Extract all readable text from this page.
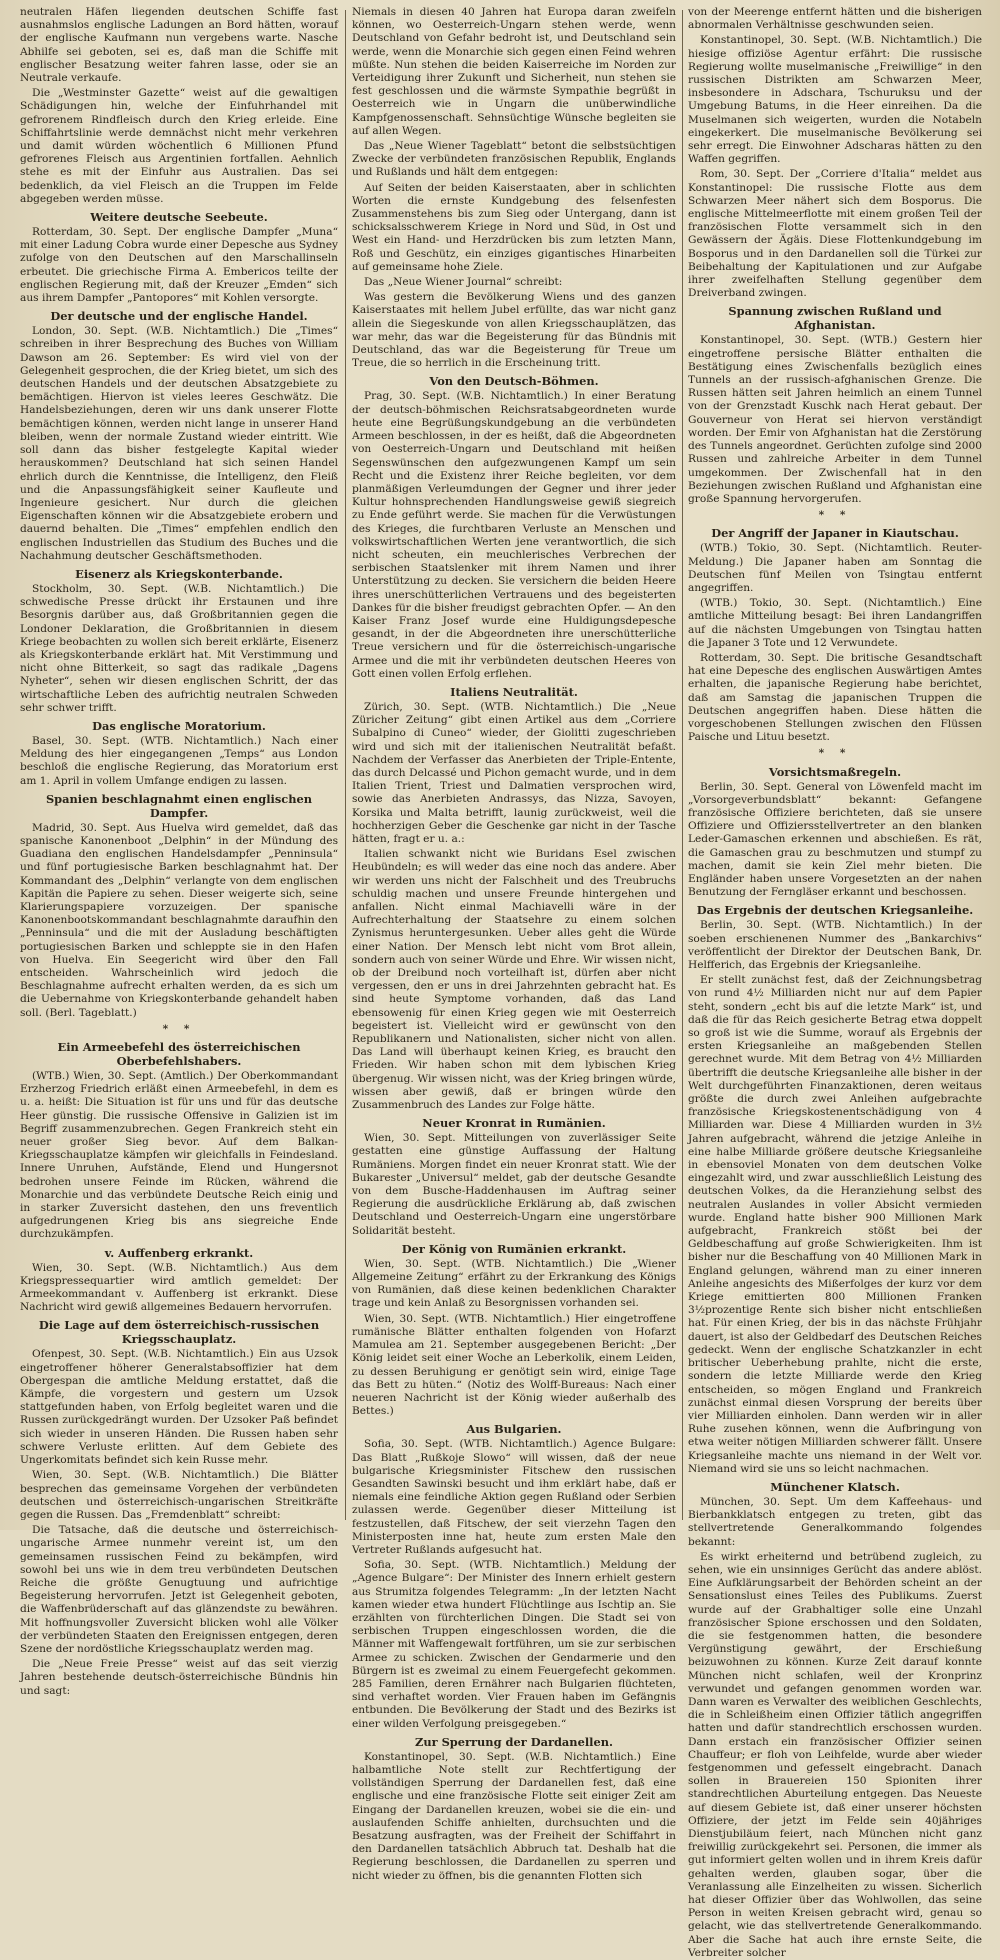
neutralen Häfen liegenden deutschen Schiffe fast ausnahmslos englische Ladungen an Bord hätten, worauf der englische Kaufmann nun vergebens warte. Nasche Abhilfe sei geboten, sei es, daß man die Schiffe mit englischer Besatzung weiter fahren lasse, oder sie an Neutrale verkaufe.

Die „Westminster Gazette“ weist auf die gewaltigen Schädigungen hin, welche der Einfuhrhandel mit gefrorenem Rindfleisch durch den Krieg erleide. Eine Schiffahrtslinie werde demnächst nicht mehr verkehren und damit würden wöchentlich 6 Millionen Pfund gefrorenes Fleisch aus Argentinien fortfallen. Aehnlich stehe es mit der Einfuhr aus Australien. Das sei bedenklich, da viel Fleisch an die Truppen im Felde abgegeben werden müsse.

Weitere deutsche Seebeute.

Rotterdam, 30. Sept. Der englische Dampfer „Muna“ mit einer Ladung Cobra wurde einer Depesche aus Sydney zufolge von den Deutschen auf den Marschallinseln erbeutet. Die griechische Firma A. Embericos teilte der englischen Regierung mit, daß der Kreuzer „Emden“ sich aus ihrem Dampfer „Pantopores“ mit Kohlen versorgte.

Der deutsche und der englische Handel.

London, 30. Sept. (W.B. Nichtamtlich.) Die „Times“ schreiben in ihrer Besprechung des Buches von William Dawson am 26. September: Es wird viel von der Gelegenheit gesprochen, die der Krieg bietet, um sich des deutschen Handels und der deutschen Absatzgebiete zu bemächtigen. Hiervon ist vieles leeres Geschwätz. Die Handelsbeziehungen, deren wir uns dank unserer Flotte bemächtigen können, werden nicht lange in unserer Hand bleiben, wenn der normale Zustand wieder eintritt. Wie soll dann das bisher festgelegte Kapital wieder herauskommen? Deutschland hat sich seinen Handel ehrlich durch die Kenntnisse, die Intelligenz, den Fleiß und die Anpassungsfähigkeit seiner Kaufleute und Ingenieure gesichert. Nur durch die gleichen Eigenschaften können wir die Absatzgebiete erobern und dauernd behalten. Die „Times“ empfehlen endlich den englischen Industriellen das Studium des Buches und die Nachahmung deutscher Geschäftsmethoden.

Eisenerz als Kriegskonterbande.

Stockholm, 30. Sept. (W.B. Nichtamtlich.) Die schwedische Presse drückt ihr Erstaunen und ihre Besorgnis darüber aus, daß Großbritannien gegen die Londoner Deklaration, die Großbritannien in diesem Kriege beobachten zu wollen sich bereit erklärte, Eisenerz als Kriegskonterbande erklärt hat. Mit Verstimmung und nicht ohne Bitterkeit, so sagt das radikale „Dagens Nyheter“, sehen wir diesen englischen Schritt, der das wirtschaftliche Leben des aufrichtig neutralen Schweden sehr schwer trifft.

Das englische Moratorium.

Basel, 30. Sept. (WTB. Nichtamtlich.) Nach einer Meldung des hier eingegangenen „Temps“ aus London beschloß die englische Regierung, das Moratorium erst am 1. April in vollem Umfange endigen zu lassen.

Spanien beschlagnahmt einen englischen Dampfer.

Madrid, 30. Sept. Aus Huelva wird gemeldet, daß das spanische Kanonenboot „Delphin“ in der Mündung des Guadiana den englischen Handelsdampfer „Penninsula“ und fünf portugiesische Barken beschlagnahmt hat. Der Kommandant des „Delphin“ verlangte von dem englischen Kapitän die Papiere zu sehen. Dieser weigerte sich, seine Klarierungspapiere vorzuzeigen. Der spanische Kanonenbootskommandant beschlagnahmte daraufhin den „Penninsula“ und die mit der Ausladung beschäftigten portugiesischen Barken und schleppte sie in den Hafen von Huelva. Ein Seegericht wird über den Fall entscheiden. Wahrscheinlich wird jedoch die Beschlagnahme aufrecht erhalten werden, da es sich um die Uebernahme von Kriegskonterbande gehandelt haben soll. (Berl. Tageblatt.)

* *
Ein Armeebefehl des österreichischen Oberbefehlshabers.

(WTB.) Wien, 30. Sept. (Amtlich.) Der Oberkommandant Erzherzog Friedrich erläßt einen Armeebefehl, in dem es u. a. heißt: Die Situation ist für uns und für das deutsche Heer günstig. Die russische Offensive in Galizien ist im Begriff zusammenzubrechen. Gegen Frankreich steht ein neuer großer Sieg bevor. Auf dem Balkan-Kriegsschauplatze kämpfen wir gleichfalls in Feindesland. Innere Unruhen, Aufstände, Elend und Hungersnot bedrohen unsere Feinde im Rücken, während die Monarchie und das verbündete Deutsche Reich einig und in starker Zuversicht dastehen, den uns freventlich aufgedrungenen Krieg bis ans siegreiche Ende durchzukämpfen.

v. Auffenberg erkrankt.

Wien, 30. Sept. (W.B. Nichtamtlich.) Aus dem Kriegspressequartier wird amtlich gemeldet: Der Armeekommandant v. Auffenberg ist erkrankt. Diese Nachricht wird gewiß allgemeines Bedauern hervorrufen.

Die Lage auf dem österreichisch-russischen Kriegsschauplatz.

Ofenpest, 30. Sept. (W.B. Nichtamtlich.) Ein aus Uzsok eingetroffener höherer Generalstabsoffizier hat dem Obergespan die amtliche Meldung erstattet, daß die Kämpfe, die vorgestern und gestern um Uzsok stattgefunden haben, von Erfolg begleitet waren und die Russen zurückgedrängt wurden. Der Uzsoker Paß befindet sich wieder in unseren Händen. Die Russen haben sehr schwere Verluste erlitten. Auf dem Gebiete des Ungerkomitats befindet sich kein Russe mehr.

Wien, 30. Sept. (W.B. Nichtamtlich.) Die Blätter besprechen das gemeinsame Vorgehen der verbündeten deutschen und österreichisch-ungarischen Streitkräfte gegen die Russen. Das „Fremdenblatt“ schreibt:

Die Tatsache, daß die deutsche und österreichisch-ungarische Armee nunmehr vereint ist, um den gemeinsamen russischen Feind zu bekämpfen, wird sowohl bei uns wie in dem treu verbündeten Deutschen Reiche die größte Genugtuung und aufrichtige Begeisterung hervorrufen. Jetzt ist Gelegenheit geboten, die Waffenbrüderschaft auf das glänzendste zu bewähren. Mit hoffnungsvoller Zuversicht blicken wohl alle Völker der verbündeten Staaten den Ereignissen entgegen, deren Szene der nordöstliche Kriegsschauplatz werden mag.

Die „Neue Freie Presse“ weist auf das seit vierzig Jahren bestehende deutsch-österreichische Bündnis hin und sagt:

Niemals in diesen 40 Jahren hat Europa daran zweifeln können, wo Oesterreich-Ungarn stehen werde, wenn Deutschland von Gefahr bedroht ist, und Deutschland sein werde, wenn die Monarchie sich gegen einen Feind wehren müßte. Nun stehen die beiden Kaiserreiche im Norden zur Verteidigung ihrer Zukunft und Sicherheit, nun stehen sie fest geschlossen und die wärmste Sympathie begrüßt in Oesterreich wie in Ungarn die unüberwindliche Kampfgenossenschaft. Sehnsüchtige Wünsche begleiten sie auf allen Wegen.

Das „Neue Wiener Tageblatt“ betont die selbstsüchtigen Zwecke der verbündeten französischen Republik, Englands und Rußlands und hält dem entgegen:

Auf Seiten der beiden Kaiserstaaten, aber in schlichten Worten die ernste Kundgebung des felsenfesten Zusammenstehens bis zum Sieg oder Untergang, dann ist schicksalsschwerem Kriege in Nord und Süd, in Ost und West ein Hand- und Herzdrücken bis zum letzten Mann, Roß und Geschütz, ein einziges gigantisches Hinarbeiten auf gemeinsame hohe Ziele.

Das „Neue Wiener Journal“ schreibt:

Was gestern die Bevölkerung Wiens und des ganzen Kaiserstaates mit hellem Jubel erfüllte, das war nicht ganz allein die Siegeskunde von allen Kriegsschauplätzen, das war mehr, das war die Begeisterung für das Bündnis mit Deutschland, das war die Begeisterung für Treue um Treue, die so herrlich in die Erscheinung tritt.

Von den Deutsch-Böhmen.

Prag, 30. Sept. (W.B. Nichtamtlich.) In einer Beratung der deutsch-böhmischen Reichsratsabgeordneten wurde heute eine Begrüßungskundgebung an die verbündeten Armeen beschlossen, in der es heißt, daß die Abgeordneten von Oesterreich-Ungarn und Deutschland mit heißen Segenswünschen den aufgezwungenen Kampf um sein Recht und die Existenz ihrer Reiche begleiten, vor dem planmäßigen Verleumdungen der Gegner und ihrer jeder Kultur hohnsprechenden Handlungsweise gewiß siegreich zu Ende geführt werde. Sie machen für die Verwüstungen des Krieges, die furchtbaren Verluste an Menschen und volkswirtschaftlichen Werten jene verantwortlich, die sich nicht scheuten, ein meuchlerisches Verbrechen der serbischen Staatslenker mit ihrem Namen und ihrer Unterstützung zu decken. Sie versichern die beiden Heere ihres unerschütterlichen Vertrauens und des begeisterten Dankes für die bisher freudigst gebrachten Opfer. — An den Kaiser Franz Josef wurde eine Huldigungsdepesche gesandt, in der die Abgeordneten ihre unerschütterliche Treue versichern und für die österreichisch-ungarische Armee und die mit ihr verbündeten deutschen Heeres von Gott einen vollen Erfolg erflehen.

Italiens Neutralität.

Zürich, 30. Sept. (WTB. Nichtamtlich.) Die „Neue Züricher Zeitung“ gibt einen Artikel aus dem „Corriere Subalpino di Cuneo“ wieder, der Giolitti zugeschrieben wird und sich mit der italienischen Neutralität befaßt. Nachdem der Verfasser das Anerbieten der Triple-Entente, das durch Delcassé und Pichon gemacht wurde, und in dem Italien Trient, Triest und Dalmatien versprochen wird, sowie das Anerbieten Andrassys, das Nizza, Savoyen, Korsika und Malta betrifft, launig zurückweist, weil die hochherzigen Geber die Geschenke gar nicht in der Tasche hätten, fragt er u. a.:

Italien schwankt nicht wie Buridans Esel zwischen Heubündeln; es will weder das eine noch das andere. Aber wir werden uns nicht der Falschheit und des Treubruchs schuldig machen und unsere Freunde hintergehen und anfallen. Nicht einmal Machiavelli wäre in der Aufrechterhaltung der Staatsehre zu einem solchen Zynismus heruntergesunken. Ueber alles geht die Würde einer Nation. Der Mensch lebt nicht vom Brot allein, sondern auch von seiner Würde und Ehre. Wir wissen nicht, ob der Dreibund noch vorteilhaft ist, dürfen aber nicht vergessen, den er uns in drei Jahrzehnten gebracht hat. Es sind heute Symptome vorhanden, daß das Land ebensowenig für einen Krieg gegen wie mit Oesterreich begeistert ist. Vielleicht wird er gewünscht von den Republikanern und Nationalisten, sicher nicht von allen. Das Land will überhaupt keinen Krieg, es braucht den Frieden. Wir haben schon mit dem lybischen Krieg übergenug. Wir wissen nicht, was der Krieg bringen würde, wissen aber gewiß, daß er bringen würde den Zusammenbruch des Landes zur Folge hätte.

Neuer Kronrat in Rumänien.

Wien, 30. Sept. Mitteilungen von zuverlässiger Seite gestatten eine günstige Auffassung der Haltung Rumäniens. Morgen findet ein neuer Kronrat statt. Wie der Bukarester „Universul“ meldet, gab der deutsche Gesandte von dem Busche-Haddenhausen im Auftrag seiner Regierung die ausdrückliche Erklärung ab, daß zwischen Deutschland und Oesterreich-Ungarn eine ungerstörbare Solidarität besteht.

Der König von Rumänien erkrankt.

Wien, 30. Sept. (WTB. Nichtamtlich.) Die „Wiener Allgemeine Zeitung“ erfährt zu der Erkrankung des Königs von Rumänien, daß diese keinen bedenklichen Charakter trage und kein Anlaß zu Besorgnissen vorhanden sei.

Wien, 30. Sept. (WTB. Nichtamtlich.) Hier eingetroffene rumänische Blätter enthalten folgenden von Hofarzt Mamulea am 21. September ausgegebenen Bericht: „Der König leidet seit einer Woche an Leberkolik, einem Leiden, zu dessen Beruhigung er genötigt sein wird, einige Tage das Bett zu hüten.“ (Notiz des Wolff-Bureaus: Nach einer neueren Nachricht ist der König wieder außerhalb des Bettes.)

Aus Bulgarien.

Sofia, 30. Sept. (WTB. Nichtamtlich.) Agence Bulgare: Das Blatt „Rußkoje Slowo“ will wissen, daß der neue bulgarische Kriegsminister Fitschew den russischen Gesandten Sawinski besucht und ihm erklärt habe, daß er niemals eine feindliche Aktion gegen Rußland oder Serbien zulassen werde. Gegenüber dieser Mitteilung ist festzustellen, daß Fitschew, der seit vierzehn Tagen den Ministerposten inne hat, heute zum ersten Male den Vertreter Rußlands aufgesucht hat.

Sofia, 30. Sept. (WTB. Nichtamtlich.) Meldung der „Agence Bulgare“: Der Minister des Innern erhielt gestern aus Strumitza folgendes Telegramm: „In der letzten Nacht kamen wieder etwa hundert Flüchtlinge aus Ischtip an. Sie erzählten von fürchterlichen Dingen. Die Stadt sei von serbischen Truppen eingeschlossen worden, die die Männer mit Waffengewalt fortführen, um sie zur serbischen Armee zu schicken. Zwischen der Gendarmerie und den Bürgern ist es zweimal zu einem Feuergefecht gekommen. 285 Familien, deren Ernährer nach Bulgarien flüchteten, sind verhaftet worden. Vier Frauen haben im Gefängnis entbunden. Die Bevölkerung der Stadt und des Bezirks ist einer wilden Verfolgung preisgegeben.“

Zur Sperrung der Dardanellen.

Konstantinopel, 30. Sept. (W.B. Nichtamtlich.) Eine halbamtliche Note stellt zur Rechtfertigung der vollständigen Sperrung der Dardanellen fest, daß eine englische und eine französische Flotte seit einiger Zeit am Eingang der Dardanellen kreuzen, wobei sie die ein- und auslaufenden Schiffe anhielten, durchsuchten und die Besatzung ausfragten, was der Freiheit der Schiffahrt in den Dardanellen tatsächlich Abbruch tat. Deshalb hat die Regierung beschlossen, die Dardanellen zu sperren und nicht wieder zu öffnen, bis die genannten Flotten sich

von der Meerenge entfernt hätten und die bisherigen abnormalen Verhältnisse geschwunden seien.

Konstantinopel, 30. Sept. (W.B. Nichtamtlich.) Die hiesige offiziöse Agentur erfährt: Die russische Regierung wollte muselmanische „Freiwillige“ in den russischen Distrikten am Schwarzen Meer, insbesondere in Adschara, Tschuruksu und der Umgebung Batums, in die Heer einreihen. Da die Muselmanen sich weigerten, wurden die Notabeln eingekerkert. Die muselmanische Bevölkerung sei sehr erregt. Die Einwohner Adscharas hätten zu den Waffen gegriffen.

Rom, 30. Sept. Der „Corriere d'Italia“ meldet aus Konstantinopel: Die russische Flotte aus dem Schwarzen Meer nähert sich dem Bosporus. Die englische Mittelmeerflotte mit einem großen Teil der französischen Flotte versammelt sich in den Gewässern der Ägäis. Diese Flottenkundgebung im Bosporus und in den Dardanellen soll die Türkei zur Beibehaltung der Kapitulationen und zur Aufgabe ihrer zweifelhaften Stellung gegenüber dem Dreiverband zwingen.

Spannung zwischen Rußland und Afghanistan.

Konstantinopel, 30. Sept. (WTB.) Gestern hier eingetroffene persische Blätter enthalten die Bestätigung eines Zwischenfalls bezüglich eines Tunnels an der russisch-afghanischen Grenze. Die Russen hätten seit Jahren heimlich an einem Tunnel von der Grenzstadt Kuschk nach Herat gebaut. Der Gouverneur von Herat sei hiervon verständigt worden. Der Emir von Afghanistan hat die Zerstörung des Tunnels angeordnet. Gerüchten zufolge sind 2000 Russen und zahlreiche Arbeiter in dem Tunnel umgekommen. Der Zwischenfall hat in den Beziehungen zwischen Rußland und Afghanistan eine große Spannung hervorgerufen.

* *
Der Angriff der Japaner in Kiautschau.

(WTB.) Tokio, 30. Sept. (Nichtamtlich. Reuter-Meldung.) Die Japaner haben am Sonntag die Deutschen fünf Meilen von Tsingtau entfernt angegriffen.

(WTB.) Tokio, 30. Sept. (Nichtamtlich.) Eine amtliche Mitteilung besagt: Bei ihren Landangriffen auf die nächsten Umgebungen von Tsingtau hatten die Japaner 3 Tote und 12 Verwundete.

Rotterdam, 30. Sept. Die britische Gesandtschaft hat eine Depesche des englischen Auswärtigen Amtes erhalten, die japanische Regierung habe berichtet, daß am Samstag die japanischen Truppen die Deutschen angegriffen haben. Diese hätten die vorgeschobenen Stellungen zwischen den Flüssen Paische und Lituu besetzt.

* *
Vorsichtsmaßregeln.

Berlin, 30. Sept. General von Löwenfeld macht im „Vorsorgeverbundsblatt“ bekannt: Gefangene französische Offiziere berichteten, daß sie unsere Offiziere und Offiziersstellvertreter an den blanken Leder-Gamaschen erkennen und abschießen. Es rät, die Gamaschen grau zu beschmutzen und stumpf zu machen, damit sie kein Ziel mehr bieten. Die Engländer haben unsere Vorgesetzten an der nahen Benutzung der Ferngläser erkannt und beschossen.

Das Ergebnis der deutschen Kriegsanleihe.

Berlin, 30. Sept. (WTB. Nichtamtlich.) In der soeben erschienenen Nummer des „Bankarchivs“ veröffentlicht der Direktor der Deutschen Bank, Dr. Helfferich, das Ergebnis der Kriegsanleihe.

Er stellt zunächst fest, daß der Zeichnungsbetrag von rund 4½ Milliarden nicht nur auf dem Papier steht, sondern „echt bis auf die letzte Mark“ ist, und daß die für das Reich gesicherte Betrag etwa doppelt so groß ist wie die Summe, worauf als Ergebnis der ersten Kriegsanleihe an maßgebenden Stellen gerechnet wurde. Mit dem Betrag von 4½ Milliarden übertrifft die deutsche Kriegsanleihe alle bisher in der Welt durchgeführten Finanzaktionen, deren weitaus größte die durch zwei Anleihen aufgebrachte französische Kriegskostenentschädigung von 4 Milliarden war. Diese 4 Milliarden wurden in 3½ Jahren aufgebracht, während die jetzige Anleihe in eine halbe Milliarde größere deutsche Kriegsanleihe in ebensoviel Monaten von dem deutschen Volke eingezahlt wird, und zwar ausschließlich Leistung des deutschen Volkes, da die Heranziehung selbst des neutralen Auslandes in voller Absicht vermieden wurde. England hatte bisher 900 Millionen Mark aufgebracht, Frankreich stößt bei der Geldbeschaffung auf große Schwierigkeiten. Ihm ist bisher nur die Beschaffung von 40 Millionen Mark in England gelungen, während man zu einer inneren Anleihe angesichts des Mißerfolges der kurz vor dem Kriege emittierten 800 Millionen Franken 3½prozentige Rente sich bisher nicht entschließen hat. Für einen Krieg, der bis in das nächste Frühjahr dauert, ist also der Geldbedarf des Deutschen Reiches gedeckt. Wenn der englische Schatzkanzler in echt britischer Ueberhebung prahlte, nicht die erste, sondern die letzte Milliarde werde den Krieg entscheiden, so mögen England und Frankreich zunächst einmal diesen Vorsprung der bereits über vier Milliarden einholen. Dann werden wir in aller Ruhe zusehen können, wenn die Aufbringung von etwa weiter nötigen Milliarden schwerer fällt. Unsere Kriegsanleihe machte uns niemand in der Welt vor. Niemand wird sie uns so leicht nachmachen.

Münchener Klatsch.

München, 30. Sept. Um dem Kaffeehaus- und Bierbankklatsch entgegen zu treten, gibt das stellvertretende Generalkommando folgendes bekannt:

Es wirkt erheiternd und betrübend zugleich, zu sehen, wie ein unsinniges Gerücht das andere ablöst. Eine Aufklärungsarbeit der Behörden scheint an der Sensationslust eines Teiles des Publikums. Zuerst wurde auf der Grabhaltiger solle eine Unzahl französischer Spione erschossen und den Soldaten, die sie festgenommen hatten, die besondere Vergünstigung gewährt, der Erschießung beizuwohnen zu können. Kurze Zeit darauf konnte München nicht schlafen, weil der Kronprinz verwundet und gefangen genommen worden war. Dann waren es Verwalter des weiblichen Geschlechts, die in Schleißheim einen Offizier tätlich angegriffen hatten und dafür standrechtlich erschossen wurden. Dann erstach ein französischer Offizier seinen Chauffeur; er floh von Leihfelde, wurde aber wieder festgenommen und gefesselt eingebracht. Danach sollen in Brauereien 150 Spioniten ihrer standrechtlichen Aburteilung entgegen. Das Neueste auf diesem Gebiete ist, daß einer unserer höchsten Offiziere, der jetzt im Felde sein 40jähriges Dienstjubiläum feiert, nach München nicht ganz freiwillig zurückgekehrt sei. Personen, die immer als gut informiert gelten wollen und in ihrem Kreis dafür gehalten werden, glauben sogar, über die Veranlassung alle Einzelheiten zu wissen. Sicherlich hat dieser Offizier über das Wohlwollen, das seine Person in weiten Kreisen gebracht wird, genau so gelacht, wie das stellvertretende Generalkommando. Aber die Sache hat auch ihre ernste Seite, die Verbreiter solcher
